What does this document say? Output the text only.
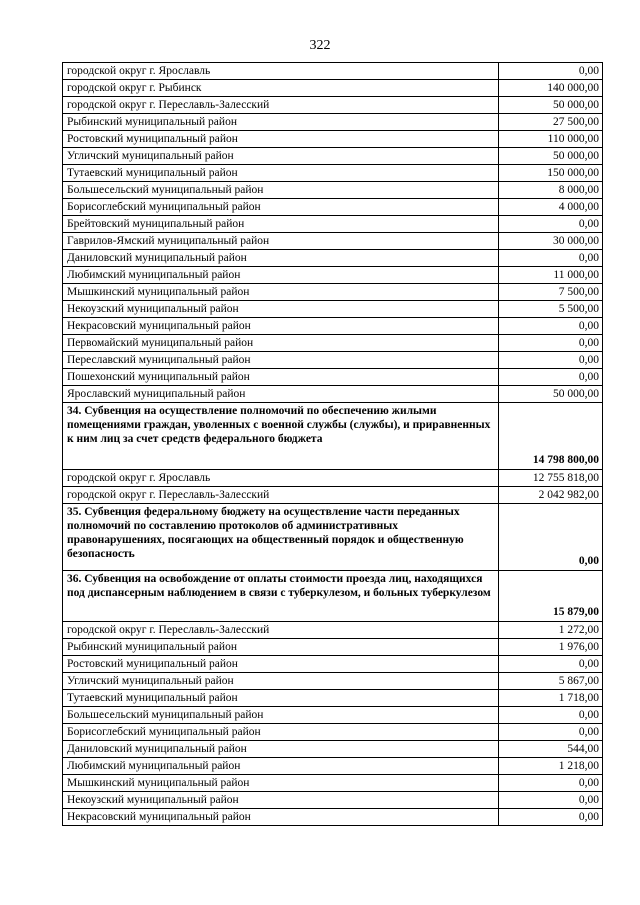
322
городской округ г. Ярославль	0,00
городской округ г. Рыбинск	140 000,00
городской округ г. Переславль-Залесский	50 000,00
Рыбинский муниципальный район	27 500,00
Ростовский муниципальный район	110 000,00
Угличский муниципальный район	50 000,00
Тутаевский муниципальный район	150 000,00
Большесельский муниципальный район	8 000,00
Борисоглебский муниципальный район	4 000,00
Брейтовский муниципальный район	0,00
Гаврилов-Ямский муниципальный район	30 000,00
Даниловский муниципальный район	0,00
Любимский муниципальный район	11 000,00
Мышкинский муниципальный район	7 500,00
Некоузский муниципальный район	5 500,00
Некрасовский муниципальный район	0,00
Первомайский муниципальный район	0,00
Переславский муниципальный район	0,00
Пошехонский муниципальный район	0,00
Ярославский муниципальный район	50 000,00
34. Субвенция на осуществление полномочий по обеспечению жилыми помещениями граждан, уволенных с военной службы (службы), и приравненных к ним лиц за счет средств федерального бюджета	14 798 800,00
городской округ г. Ярославль	12 755 818,00
городской округ г. Переславль-Залесский	2 042 982,00
35. Субвенция федеральному бюджету на осуществление части переданных полномочий по составлению протоколов об административных правонарушениях, посягающих на общественный порядок и общественную безопасность	0,00
36. Субвенция на освобождение от оплаты стоимости проезда лиц, находящихся под диспансерным наблюдением в связи с туберкулезом, и больных туберкулезом	15 879,00
городской округ г. Переславль-Залесский	1 272,00
Рыбинский муниципальный район	1 976,00
Ростовский муниципальный район	0,00
Угличский муниципальный район	5 867,00
Тутаевский муниципальный район	1 718,00
Большесельский муниципальный район	0,00
Борисоглебский муниципальный район	0,00
Даниловский муниципальный район	544,00
Любимский муниципальный район	1 218,00
Мышкинский муниципальный район	0,00
Некоузский муниципальный район	0,00
Некрасовский муниципальный район	0,00
